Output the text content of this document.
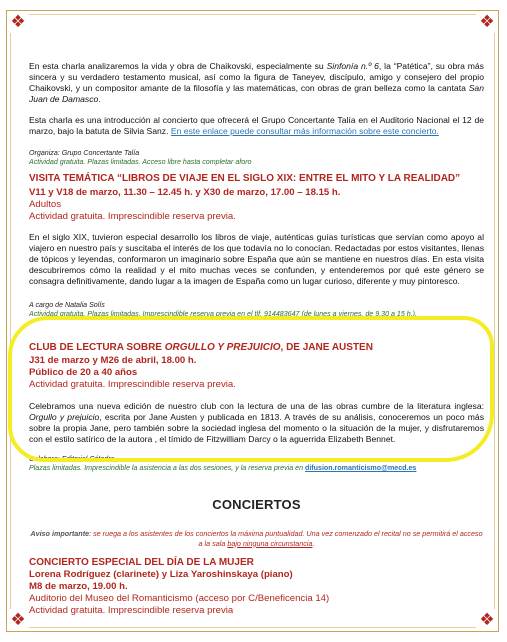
❖	❖
❖	❖

En esta charla analizaremos la vida y obra de Chaikovski, especialmente su Sinfonía n.º 6, la “Patética”, su obra más sincera y su verdadero testamento musical, así como la figura de Taneyev, discípulo, amigo y consejero del propio Chaikovski, y un compositor amante de la filosofía y las matemáticas, con obras de gran belleza como la cantata San Juan de Damasco.

Esta charla es una introducción al concierto que ofrecerá el Grupo Concertante Talía en el Auditorio Nacional el 12 de marzo, bajo la batuta de Silvia Sanz. En este enlace puede consultar más información sobre este concierto.

Organiza: Grupo Concertante Talía

Actividad gratuita. Plazas limitadas. Acceso libre hasta completar aforo

VISITA TEMÁTICA “LIBROS DE VIAJE EN EL SIGLO XIX: ENTRE EL MITO Y LA REALIDAD”

V11 y V18 de marzo, 11.30 – 12.45 h. y X30 de marzo, 17.00 – 18.15 h.

Adultos

Actividad gratuita. Imprescindible reserva previa.

En el siglo XIX, tuvieron especial desarrollo los libros de viaje, auténticas guías turísticas que servían como apoyo al viajero en nuestro país y suscitaba el interés de los que todavía no lo conocían. Redactadas por estos visitantes, llenas de tópicos y leyendas, conformaron un imaginario sobre España que aún se mantiene en nuestros días. En esta visita descubriremos cómo la realidad y el mito muchas veces se confunden, y entenderemos por qué este género se consagra definitivamente, dando lugar a la imagen de España como un lugar curioso, diferente y muy pintoresco.

A cargo de Natalia Solís

Actividad gratuita. Plazas limitadas. Imprescindible reserva previa en el tlf. 914483647 (de lunes a viernes, de 9,30 a 15 h.).

CLUB DE LECTURA SOBRE ORGULLO Y PREJUICIO, DE JANE AUSTEN

J31 de marzo y M26 de abril, 18.00 h.

Público de 20 a 40 años

Actividad gratuita. Imprescindible reserva previa.

Celebramos una nueva edición de nuestro club con la lectura de una de las obras cumbre de la literatura inglesa: Orgullo y prejuicio, escrita por Jane Austen y publicada en 1813. A través de su análisis, conoceremos un poco más sobre la propia Jane, pero también sobre la sociedad inglesa del momento o la situación de la mujer, y disfrutaremos con el estilo satírico de la autora , el tímido de Fitzwilliam Darcy o la aguerrida Elizabeth Bennet.

Colabora: Editorial Cátedra

Plazas limitadas. Imprescindible la asistencia a las dos sesiones, y la reserva previa en difusion.romanticismo@mecd.es

CONCIERTOS
Aviso importante: se ruega a los asistentes de los conciertos la máxima puntualidad. Una vez comenzado el recital no se permitirá el acceso a la sala bajo ninguna circunstancia.
CONCIERTO ESPECIAL DEL DÍA DE LA MUJER

Lorena Rodríguez (clarinete) y Liza Yaroshinskaya (piano)

M8 de marzo, 19.00 h.

Auditorio del Museo del Romanticismo (acceso por C/Beneficencia 14)

Actividad gratuita. Imprescindible reserva previa
